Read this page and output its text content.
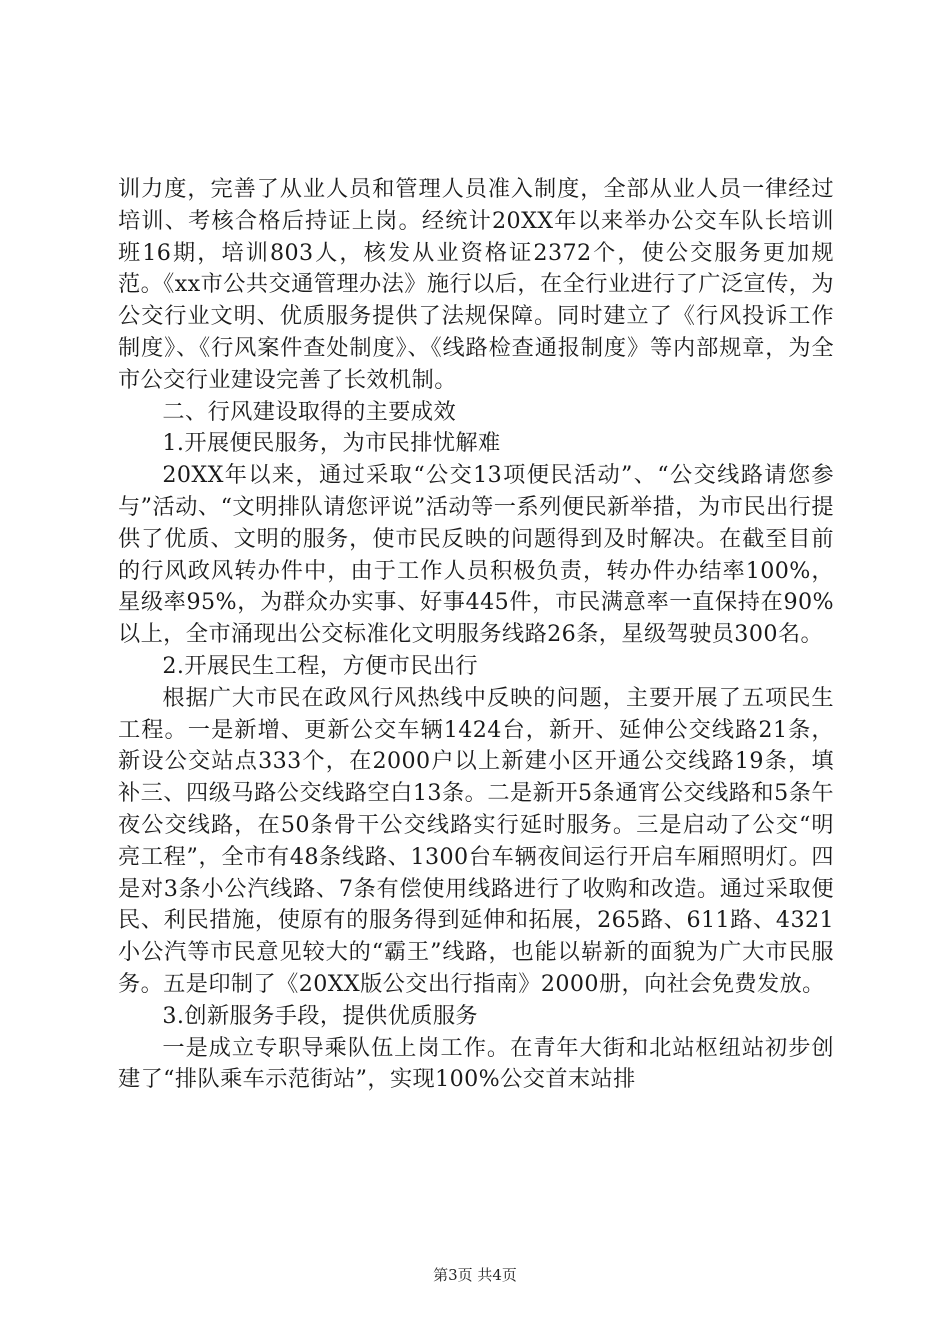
训力度，完善了从业人员和管理人员准入制度，全部从业人员一律经过培训、考核合格后持证上岗。经统计20XX年以来举办公交车队长培训班16期，培训803人，核发从业资格证2372个，使公交服务更加规范。《xx市公共交通管理办法》施行以后，在全行业进行了广泛宣传，为公交行业文明、优质服务提供了法规保障。同时建立了《行风投诉工作制度》、《行风案件查处制度》、《线路检查通报制度》等内部规章，为全市公交行业建设完善了长效机制。

二、行风建设取得的主要成效

1.开展便民服务，为市民排忧解难

20XX年以来，通过采取“公交13项便民活动”、“公交线路请您参与”活动、“文明排队请您评说”活动等一系列便民新举措，为市民出行提供了优质、文明的服务，使市民反映的问题得到及时解决。在截至目前的行风政风转办件中，由于工作人员积极负责，转办件办结率100%，星级率95%，为群众办实事、好事445件，市民满意率一直保持在90%以上，全市涌现出公交标准化文明服务线路26条，星级驾驶员300名。

2.开展民生工程，方便市民出行

根据广大市民在政风行风热线中反映的问题，主要开展了五项民生工程。一是新增、更新公交车辆1424台，新开、延伸公交线路21条，新设公交站点333个，在2000户以上新建小区开通公交线路19条，填补三、四级马路公交线路空白13条。二是新开5条通宵公交线路和5条午夜公交线路，在50条骨干公交线路实行延时服务。三是启动了公交“明亮工程”，全市有48条线路、1300台车辆夜间运行开启车厢照明灯。四是对3条小公汽线路、7条有偿使用线路进行了收购和改造。通过采取便民、利民措施，使原有的服务得到延伸和拓展，265路、611路、4321小公汽等市民意见较大的“霸王”线路，也能以崭新的面貌为广大市民服务。五是印制了《20XX版公交出行指南》2000册，向社会免费发放。

3.创新服务手段，提供优质服务

一是成立专职导乘队伍上岗工作。在青年大街和北站枢纽站初步创建了“排队乘车示范街站”，实现100%公交首末站排

第3页 共4页
